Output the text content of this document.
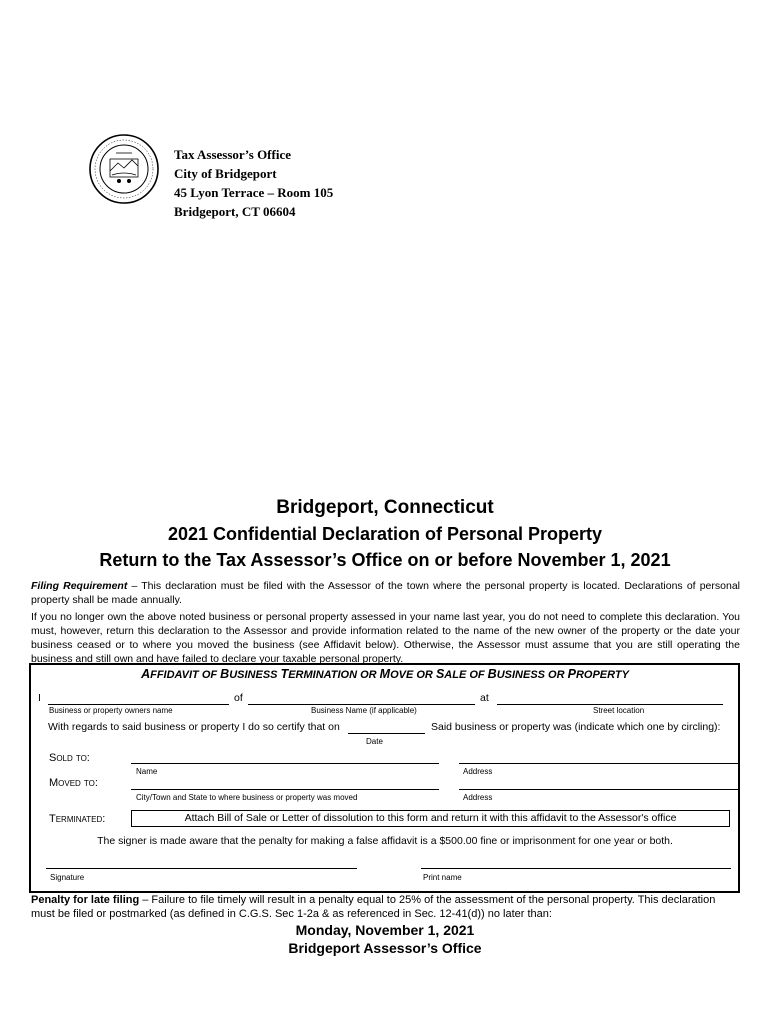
Tax Assessor’s Office
City of Bridgeport
45 Lyon Terrace – Room 105
Bridgeport, CT 06604
Bridgeport, Connecticut
2021 Confidential Declaration of Personal Property
Return to the Tax Assessor’s Office on or before November 1, 2021
Filing Requirement – This declaration must be filed with the Assessor of the town where the personal property is located. Declarations of personal property shall be made annually.
If you no longer own the above noted business or personal property assessed in your name last year, you do not need to complete this declaration. You must, however, return this declaration to the Assessor and provide information related to the name of the new owner of the property or the date your business ceased or to where you moved the business (see Affidavit below). Otherwise, the Assessor must assume that you are still operating the business and still own and have failed to declare your taxable personal property.
AFFIDAVIT OF BUSINESS TERMINATION OR MOVE OR SALE OF BUSINESS OR PROPERTY
I	of	at
Business or property owners name	Business Name (if applicable)	Street location
With regards to said business or property I do so certify that on	Said business or property was (indicate which one by circling):
Date
Sold to:
Name	Address
Moved to:
City/Town and State to where business or property was moved	Address
Terminated:	Attach Bill of Sale or Letter of dissolution to this form and return it with this affidavit to the Assessor's office
The signer is made aware that the penalty for making a false affidavit is a $500.00 fine or imprisonment for one year or both.
Signature	Print name
Penalty for late filing – Failure to file timely will result in a penalty equal to 25% of the assessment of the personal property. This declaration must be filed or postmarked (as defined in C.G.S. Sec 1-2a & as referenced in Sec. 12-41(d)) no later than:
Monday, November 1, 2021
Bridgeport Assessor’s Office
